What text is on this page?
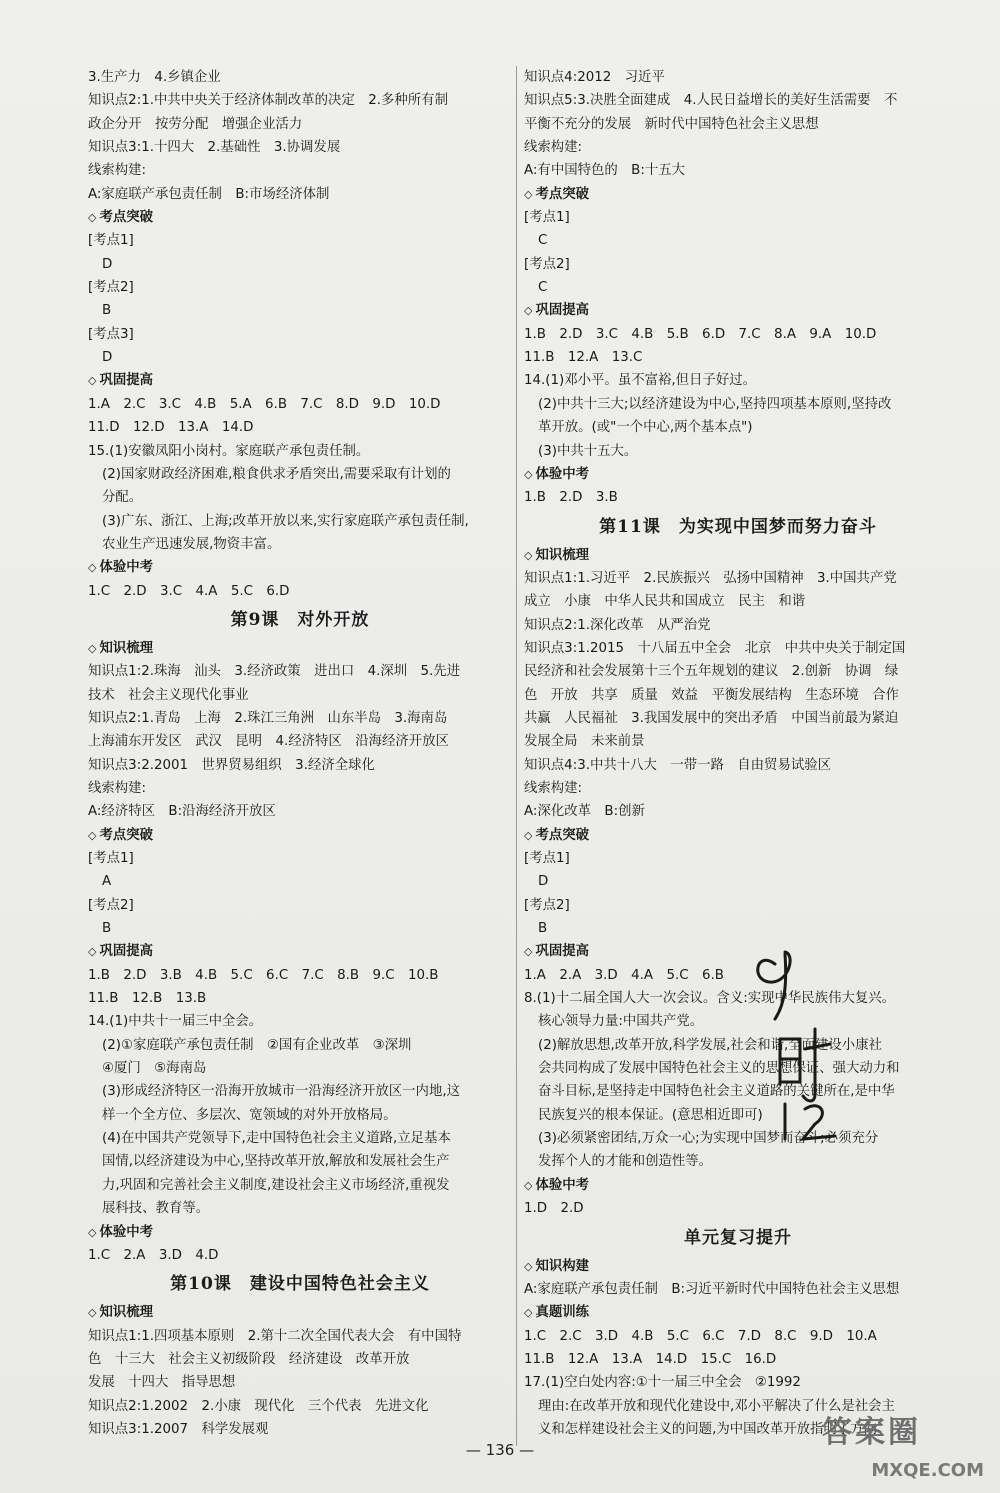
3.生产力　4.乡镇企业
知识点2:1.中共中央关于经济体制改革的决定　2.多种所有制
政企分开　按劳分配　增强企业活力
知识点3:1.十四大　2.基础性　3.协调发展
线索构建:
A:家庭联产承包责任制　B:市场经济体制
◇ 考点突破
[考点1]
D
[考点2]
B
[考点3]
D
◇ 巩固提高
1.A　2.C　3.C　4.B　5.A　6.B　7.C　8.D　9.D　10.D
11.D　12.D　13.A　14.D
15.(1)安徽凤阳小岗村。家庭联产承包责任制。
(2)国家财政经济困难,粮食供求矛盾突出,需要采取有计划的
分配。
(3)广东、浙江、上海;改革开放以来,实行家庭联产承包责任制,
农业生产迅速发展,物资丰富。
◇ 体验中考
1.C　2.D　3.C　4.A　5.C　6.D
第9课　对外开放
◇ 知识梳理
知识点1:2.珠海　汕头　3.经济政策　进出口　4.深圳　5.先进
技术　社会主义现代化事业
知识点2:1.青岛　上海　2.珠江三角洲　山东半岛　3.海南岛
上海浦东开发区　武汉　昆明　4.经济特区　沿海经济开放区
知识点3:2.2001　世界贸易组织　3.经济全球化
线索构建:
A:经济特区　B:沿海经济开放区
◇ 考点突破
[考点1]
A
[考点2]
B
◇ 巩固提高
1.B　2.D　3.B　4.B　5.C　6.C　7.C　8.B　9.C　10.B
11.B　12.B　13.B
14.(1)中共十一届三中全会。
(2)①家庭联产承包责任制　②国有企业改革　③深圳
④厦门　⑤海南岛
(3)形成经济特区一沿海开放城市一沿海经济开放区一内地,这
样一个全方位、多层次、宽领域的对外开放格局。
(4)在中国共产党领导下,走中国特色社会主义道路,立足基本
国情,以经济建设为中心,坚持改革开放,解放和发展社会生产
力,巩固和完善社会主义制度,建设社会主义市场经济,重视发
展科技、教育等。
◇ 体验中考
1.C　2.A　3.D　4.D
第10课　建设中国特色社会主义
◇ 知识梳理
知识点1:1.四项基本原则　2.第十二次全国代表大会　有中国特
色　十三大　社会主义初级阶段　经济建设　改革开放
发展　十四大　指导思想
知识点2:1.2002　2.小康　现代化　三个代表　先进文化
知识点3:1.2007　科学发展观
知识点4:2012　习近平
知识点5:3.决胜全面建成　4.人民日益增长的美好生活需要　不
平衡不充分的发展　新时代中国特色社会主义思想
线索构建:
A:有中国特色的　B:十五大
◇ 考点突破
[考点1]
C
[考点2]
C
◇ 巩固提高
1.B　2.D　3.C　4.B　5.B　6.D　7.C　8.A　9.A　10.D
11.B　12.A　13.C
14.(1)邓小平。虽不富裕,但日子好过。
(2)中共十三大;以经济建设为中心,坚持四项基本原则,坚持改
革开放。(或"一个中心,两个基本点")
(3)中共十五大。
◇ 体验中考
1.B　2.D　3.B
第11课　为实现中国梦而努力奋斗
◇ 知识梳理
知识点1:1.习近平　2.民族振兴　弘扬中国精神　3.中国共产党
成立　小康　中华人民共和国成立　民主　和谐
知识点2:1.深化改革　从严治党
知识点3:1.2015　十八届五中全会　北京　中共中央关于制定国
民经济和社会发展第十三个五年规划的建议　2.创新　协调　绿
色　开放　共享　质量　效益　平衡发展结构　生态环境　合作
共赢　人民福祉　3.我国发展中的突出矛盾　中国当前最为紧迫
发展全局　未来前景
知识点4:3.中共十八大　一带一路　自由贸易试验区
线索构建:
A:深化改革　B:创新
◇ 考点突破
[考点1]
D
[考点2]
B
◇ 巩固提高
1.A　2.A　3.D　4.A　5.C　6.B
8.(1)十二届全国人大一次会议。含义:实现中华民族伟大复兴。
核心领导力量:中国共产党。
(2)解放思想,改革开放,科学发展,社会和谐,全面建设小康社
会共同构成了发展中国特色社会主义的思想保证、强大动力和
奋斗目标,是坚持走中国特色社会主义道路的关键所在,是中华
民族复兴的根本保证。(意思相近即可)
(3)必须紧密团结,万众一心;为实现中国梦而奋斗;必须充分
发挥个人的才能和创造性等。
◇ 体验中考
1.D　2.D
单元复习提升
◇ 知识构建
A:家庭联产承包责任制　B:习近平新时代中国特色社会主义思想
◇ 真题训练
1.C　2.C　3.D　4.B　5.C　6.C　7.D　8.C　9.D　10.A
11.B　12.A　13.A　14.D　15.C　16.D
17.(1)空白处内容:①十一届三中全会　②1992
理由:在改革开放和现代化建设中,邓小平解决了什么是社会主
义和怎样建设社会主义的问题,为中国改革开放指明了方向
— 136 —	答案圈
MXQE.COM
